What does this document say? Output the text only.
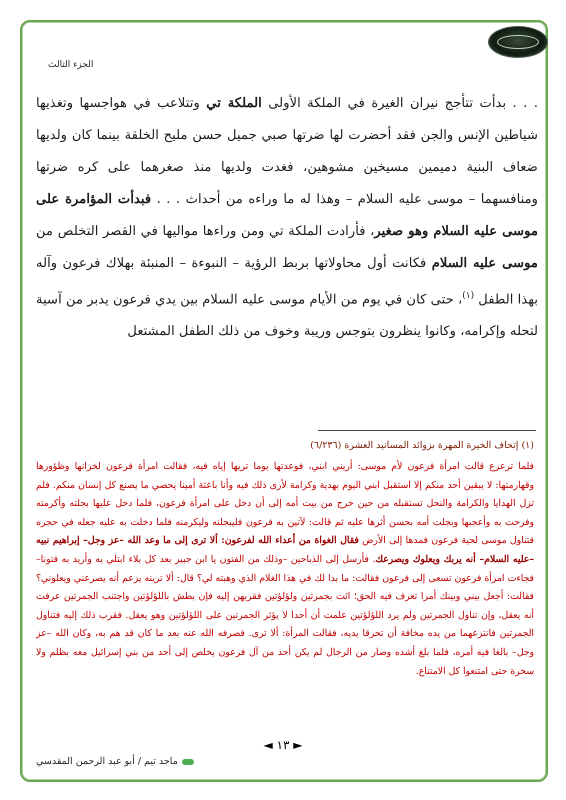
الجزء الثالث

. . . بدأت تتأجج نيران الغيرة في الملكة الأولى الملكة تي وتتلاعب في هواجسها وتغذيها شياطين الإنس والجن فقد أحضرت لها ضرتها صبي جميل حسن مليح الخلقة بينما كان ولديها ضعاف البنية دميمين مسيخين مشوهين، فغدت ولديها منذ صغرهما على كره ضرتها ومنافسهما – موسى عليه السلام – وهذا له ما وراءه من أحداث . . . فبدأت المؤامرة على موسى عليه السلام وهو صغير، فأرادت الملكة تي ومن وراءها مواليها في القصر التخلص من موسى عليه السلام فكانت أول محاولاتها بربط الرؤية – النبوءة – المنبئة بهلاك فرعون وآله بهذا الطفل $^{(١)}$، حتى كان في يوم من الأيام موسى عليه السلام بين يدي فرعون يدبر من آسية لتحله وإكرامه، وكانوا ينظرون بتوجس وريبة وخوف من ذلك الطفل المشتعل

(١) إتحاف الخيرة المهرة بزوائد المسانيد العشرة (٦/٢٣٦)

فلما ترعرع قالت امرأة فرعون لأم موسى: أريني ابني، فوعدتها يوما تريها إياه فيه، فقالت امرأة فرعون لخزانها وظؤورها وقهارمتها: لا يبقين أحد منكم إلا استقبل ابني اليوم بهدية وكرامة لأرى ذلك فيه وأنا باعثة أمينا يحصي ما يصنع كل إنسان منكم. فلم تزل الهدايا والكرامة والنحل تستقبله من حين خرج من بيت أمه إلى أن دخل على امرأة فرعون، فلما دخل عليها بجلته وأكرمته وفرحت به وأعجبها وبجلت أمه بحسن أثرها عليه ثم قالت: لآتين به فرعون فليبجلنه وليكرمنه فلما دخلت به عليه جعله في حجره فتناول موسى لحية فرعون فمدها إلى الأرض فقال الغواة من أعداء الله لفرعون: ألا ترى إلى ما وعد الله –عز وجل– إبراهيم نبيه –عليه السلام– أنه يربك ويعلوك ويصرعك. فأرسل إلى الذباحين –وذلك من الفتون يا ابن جبير بعد كل بلاء ابتلي به وأريد به فتونا– فجاءت امرأة فرعون تسعى إلى فرعون فقالت: ما بدا لك في هذا الغلام الذي وهبته لي؟ قال: ألا ترينه يزعم أنه يصرعني ويعلوني؟ فقالت: أجعل بيني وبينك أمرا تعرف فيه الحق؛ ائت بجمرتين ولؤلؤتين فقربهن إليه فإن بطش باللؤلؤتين واجتنب الجمرتين عرفت أنه يعقل، وإن تناول الجمرتين ولم يرد اللؤلؤتين علمت أن أحدا لا يؤثر الجمرتين على اللؤلؤتين وهو يعقل. فقرب ذلك إليه فتناول الجمرتين فانتزعهما من يده مخافة أن تحرقا يديه، فقالت المرأة: ألا ترى. فصرفه الله عنه بعد ما كان قد هم به، وكان الله –عز وجل– بالغا فيه أمره، فلما بلغ أشده وصار من الرجال لم يكن أحد من آل فرعون يخلص إلى أحد من بني إسرائيل معه بظلم ولا سخرة حتى امتنعوا كل الامتناع.

◄ ١٣ ►
ماجد تيم / أبو عبد الرحمن المقدسي
